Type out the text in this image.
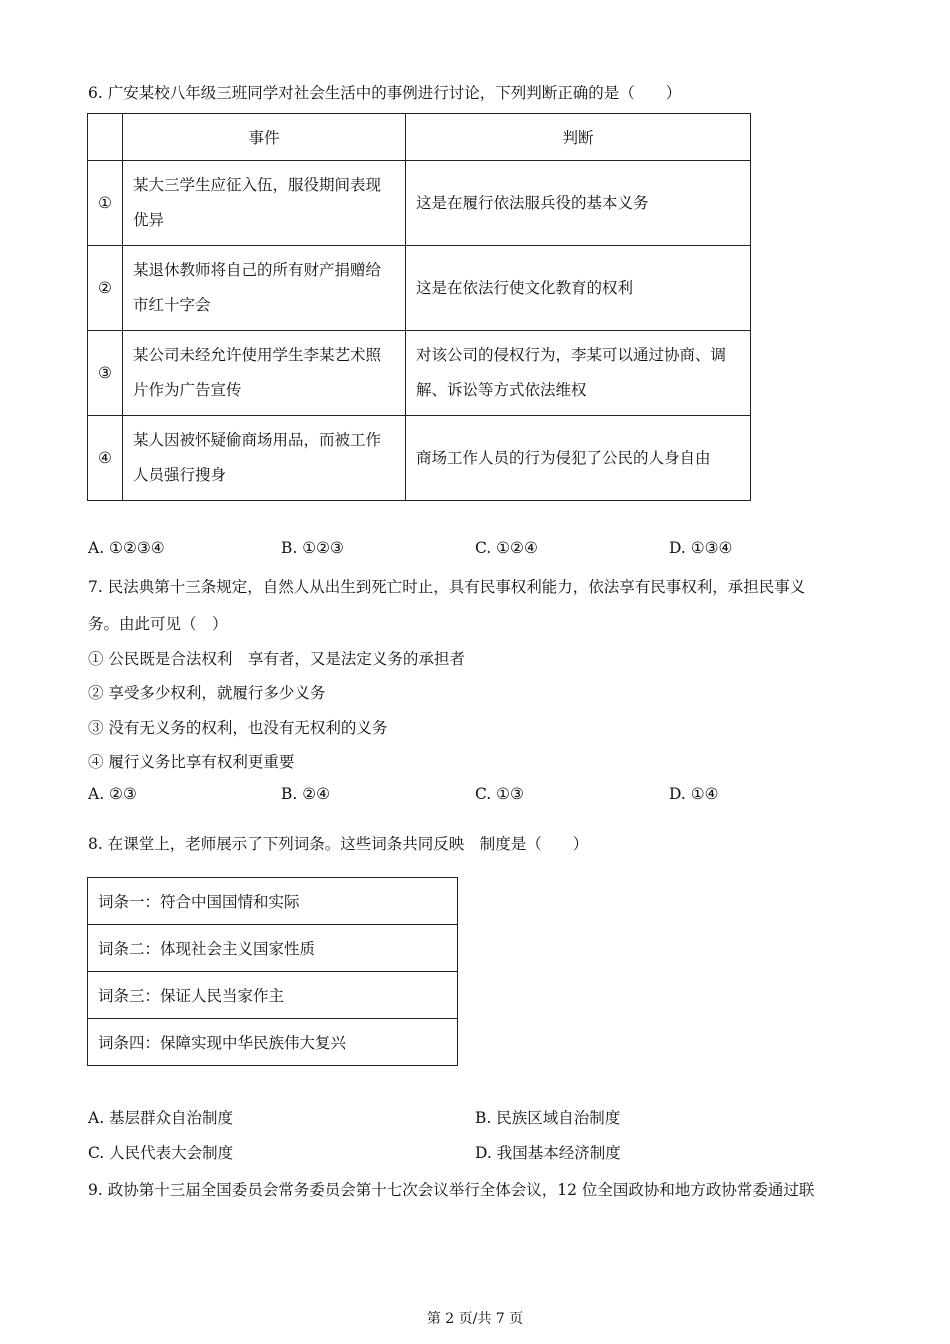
6. 广安某校八年级三班同学对社会生活中的事例进行讨论，下列判断正确的是（　　）
	事件	判断
①	某大三学生应征入伍，服役期间表现优异	这是在履行依法服兵役的基本义务
②	某退休教师将自己的所有财产捐赠给市红十字会	这是在依法行使文化教育的权利
③	某公司未经允许使用学生李某艺术照片作为广告宣传	对该公司的侵权行为，李某可以通过协商、调解、诉讼等方式依法维权
④	某人因被怀疑偷商场用品，而被工作人员强行搜身	商场工作人员的行为侵犯了公民的人身自由
A. ①②③④	B. ①②③	C. ①②④	D. ①③④
7. 民法典第十三条规定，自然人从出生到死亡时止，具有民事权利能力，依法享有民事权利，承担民事义
务。由此可见（　）
① 公民既是合法权利　享有者，又是法定义务的承担者
② 享受多少权利，就履行多少义务
③ 没有无义务的权利，也没有无权利的义务
④ 履行义务比享有权利更重要
A. ②③	B. ②④	C. ①③	D. ①④
8. 在课堂上，老师展示了下列词条。这些词条共同反映　制度是（　　）
词条一：符合中国国情和实际
词条二：体现社会主义国家性质
词条三：保证人民当家作主
词条四：保障实现中华民族伟大复兴
A. 基层群众自治制度	B. 民族区域自治制度
C. 人民代表大会制度	D. 我国基本经济制度
9. 政协第十三届全国委员会常务委员会第十七次会议举行全体会议，12 位全国政协和地方政协常委通过联
第 2 页/共 7 页
